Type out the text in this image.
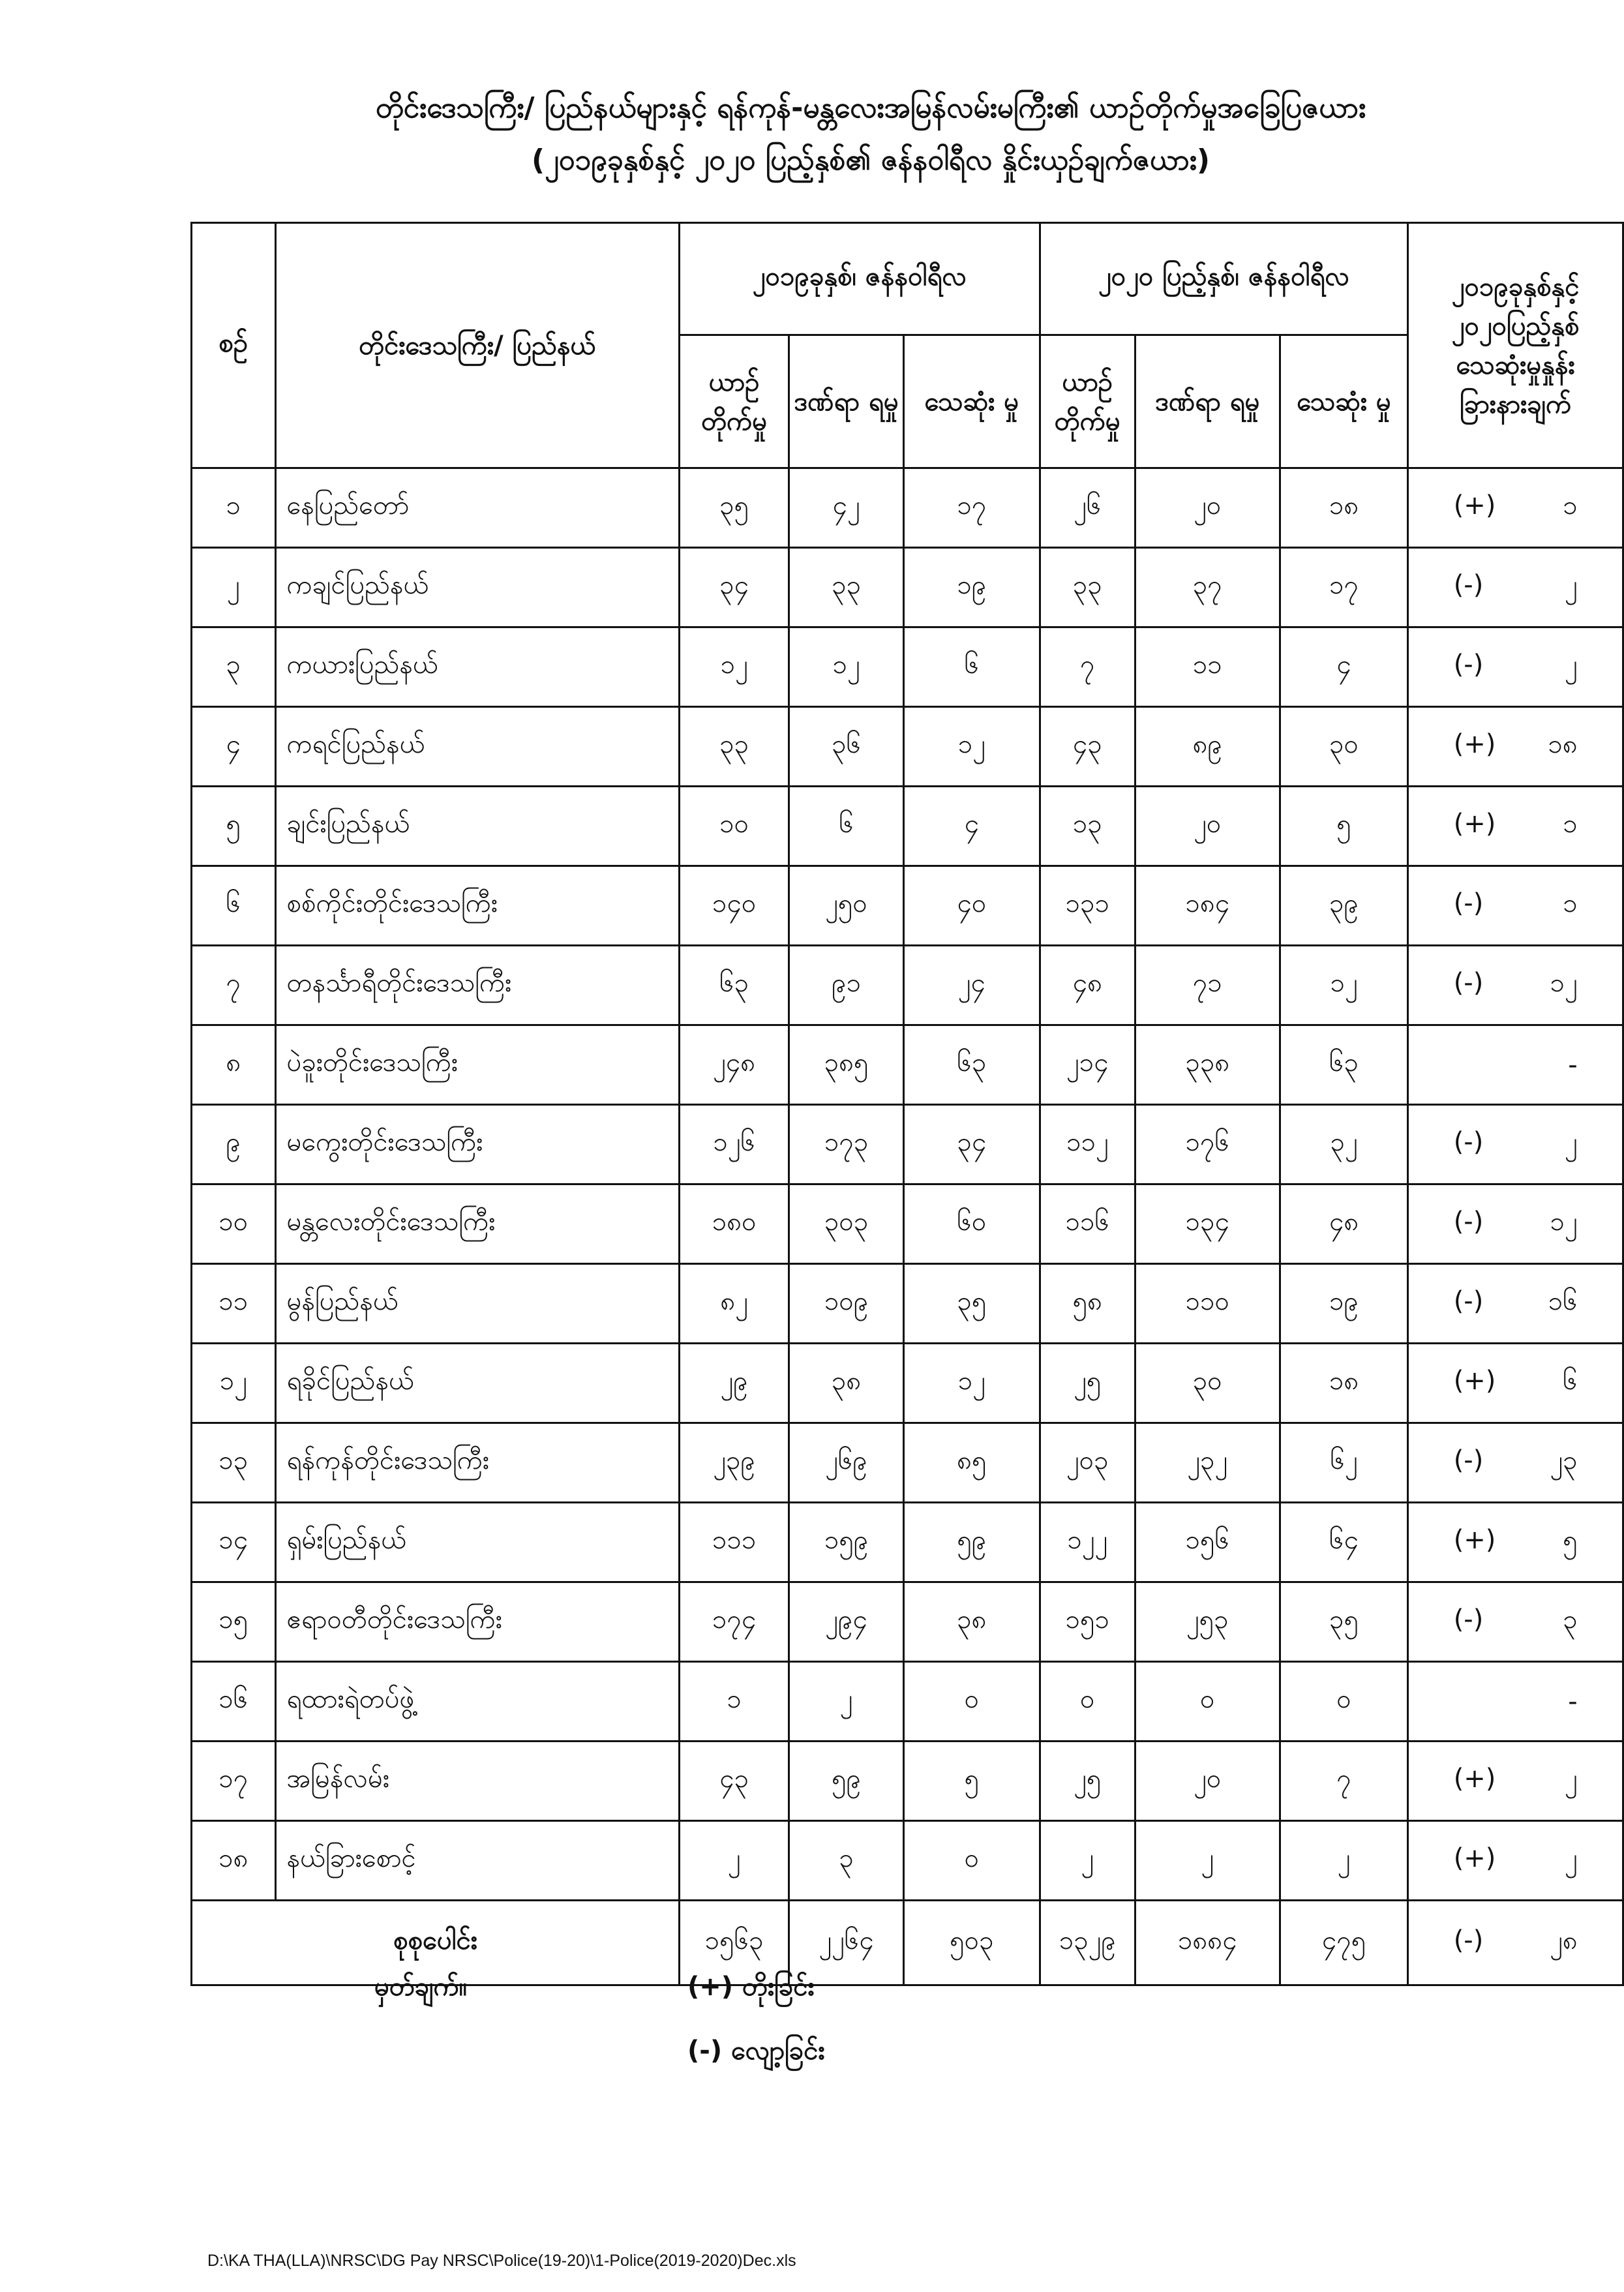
တိုင်းဒေသကြီး/ ပြည်နယ်များနှင့် ရန်ကုန်-မန္တလေးအမြန်လမ်းမကြီး၏ ယာဉ်တိုက်မှုအခြေပြဇယား
(၂၀၁၉ခုနှစ်နှင့် ၂၀၂၀ ပြည့်နှစ်၏ ဇန်နဝါရီလ နှိုင်းယှဉ်ချက်ဇယား)
စဉ်	တိုင်းဒေသကြီး/ ပြည်နယ်	၂၀၁၉ခုနှစ်၊ ဇန်နဝါရီလ			၂၀၂၀ ပြည့်နှစ်၊ ဇန်နဝါရီလ			၂၀၁၉ခုနှစ်နှင့် ၂၀၂၀ပြည့်နှစ် သေဆုံးမှုနှုန်း ခြားနားချက်
		ယာဉ် တိုက်မှု	ဒဏ်ရာ ရမှု	သေဆုံး မှု	ယာဉ် တိုက်မှု	ဒဏ်ရာ ရမှု	သေဆုံး မှု	
၁	နေပြည်တော်	၃၅	၄၂	၁၇	၂၆	၂၀	၁၈	(+) ၁
၂	ကချင်ပြည်နယ်	၃၄	၃၃	၁၉	၃၃	၃၇	၁၇	(-) ၂
၃	ကယားပြည်နယ်	၁၂	၁၂	၆	၇	၁၁	၄	(-) ၂
၄	ကရင်ပြည်နယ်	၃၃	၃၆	၁၂	၄၃	၈၉	၃၀	(+) ၁၈
၅	ချင်းပြည်နယ်	၁၀	၆	၄	၁၃	၂၀	၅	(+) ၁
၆	စစ်ကိုင်းတိုင်းဒေသကြီး	၁၄၀	၂၅၀	၄၀	၁၃၁	၁၈၄	၃၉	(-) ၁
၇	တနင်္သာရီတိုင်းဒေသကြီး	၆၃	၉၁	၂၄	၄၈	၇၁	၁၂	(-) ၁၂
၈	ပဲခူးတိုင်းဒေသကြီး	၂၄၈	၃၈၅	၆၃	၂၁၄	၃၃၈	၆၃	-
၉	မကွေးတိုင်းဒေသကြီး	၁၂၆	၁၇၃	၃၄	၁၁၂	၁၇၆	၃၂	(-) ၂
၁၀	မန္တလေးတိုင်းဒေသကြီး	၁၈၀	၃၀၃	၆၀	၁၁၆	၁၃၄	၄၈	(-) ၁၂
၁၁	မွန်ပြည်နယ်	၈၂	၁၀၉	၃၅	၅၈	၁၁၀	၁၉	(-) ၁၆
၁၂	ရခိုင်ပြည်နယ်	၂၉	၃၈	၁၂	၂၅	၃၀	၁၈	(+) ၆
၁၃	ရန်ကုန်တိုင်းဒေသကြီး	၂၃၉	၂၆၉	၈၅	၂၀၃	၂၃၂	၆၂	(-) ၂၃
၁၄	ရှမ်းပြည်နယ်	၁၁၁	၁၅၉	၅၉	၁၂၂	၁၅၆	၆၄	(+) ၅
၁၅	ဧရာဝတီတိုင်းဒေသကြီး	၁၇၄	၂၉၄	၃၈	၁၅၁	၂၅၃	၃၅	(-) ၃
၁၆	ရထားရဲတပ်ဖွဲ့	၁	၂	၀	၀	၀	၀	-
၁၇	အမြန်လမ်း	၄၃	၅၉	၅	၂၅	၂၀	၇	(+) ၂
၁၈	နယ်ခြားစောင့်	၂	၃	၀	၂	၂	၂	(+) ၂
စုစုပေါင်း		၁၅၆၃	၂၂၆၄	၅၀၃	၁၃၂၉	၁၈၈၄	၄၇၅	(-) ၂၈
မှတ်ချက်။	(+) တိုးခြင်း
(-) လျော့ခြင်း
D:\KA THA(LLA)\NRSC\DG Pay NRSC\Police(19-20)\1-Police(2019-2020)Dec.xls
